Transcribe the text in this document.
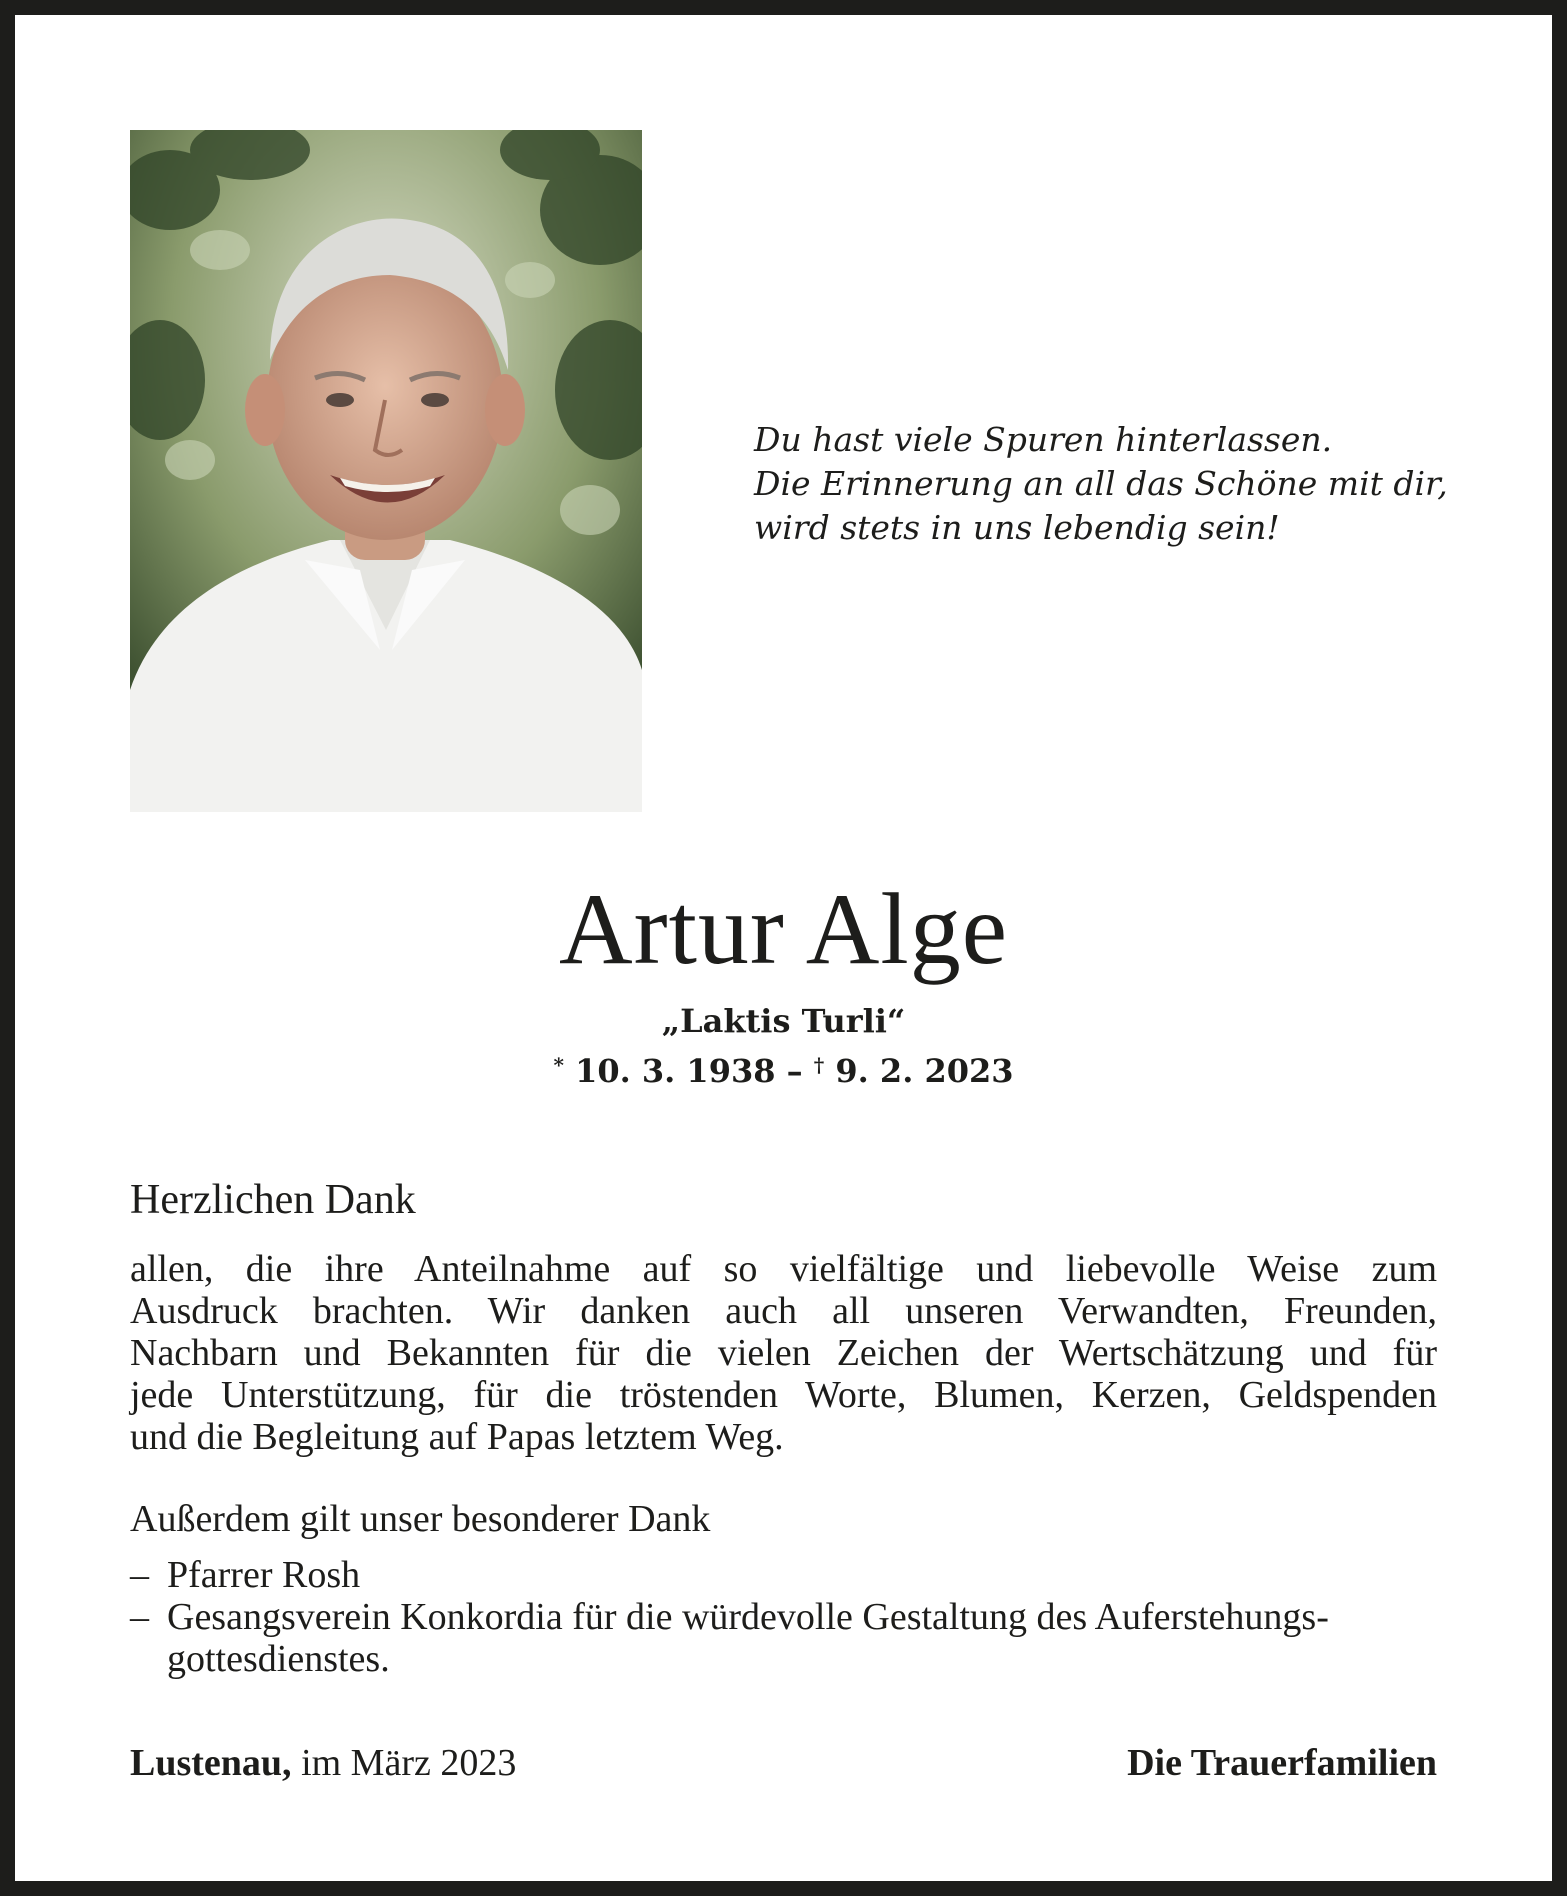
Du hast viele Spuren hinterlassen.
Die Erinnerung an all das Schöne mit dir,
wird stets in uns lebendig sein!
Artur Alge
„Laktis Turli“
* 10. 3. 1938 – † 9. 2. 2023
Herzlichen Dank
allen, die ihre Anteilnahme auf so vielfältige und liebevolle Weise zum
Ausdruck brachten. Wir danken auch all unseren Verwandten, Freunden,
Nachbarn und Bekannten für die vielen Zeichen der Wertschätzung und für
jede Unterstützung, für die tröstenden Worte, Blumen, Kerzen, Geldspenden
und die Begleitung auf Papas letztem Weg.
Außerdem gilt unser besonderer Dank
– Pfarrer Rosh
– Gesangsverein Konkordia für die würdevolle Gestaltung des Auferstehungs-
gottesdienstes.
Lustenau, im März 2023	Die Trauerfamilien
